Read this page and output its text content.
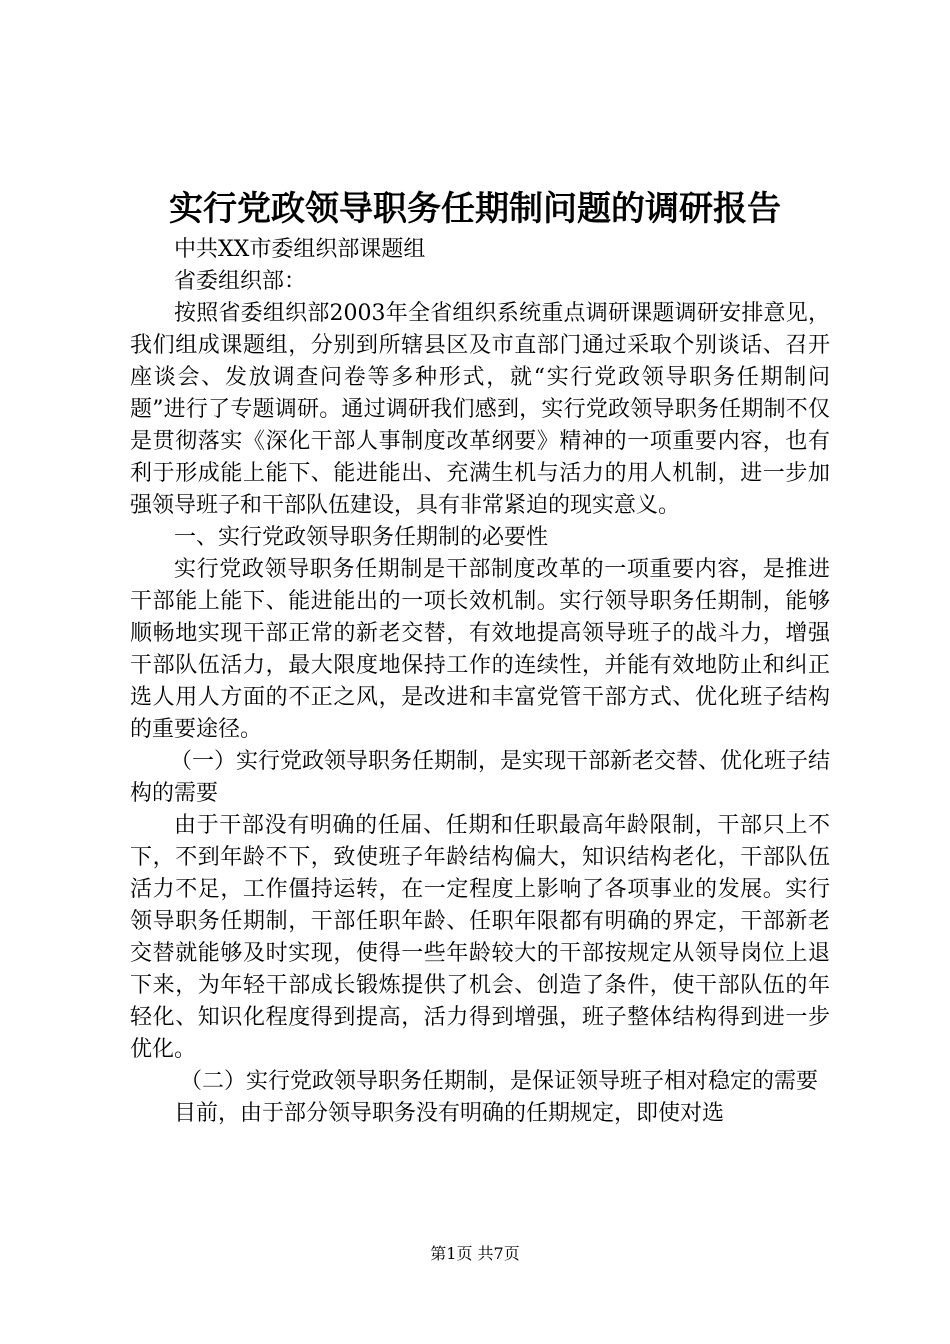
实行党政领导职务任期制问题的调研报告

中共XX市委组织部课题组

省委组织部：

按照省委组织部2003年全省组织系统重点调研课题调研安排意见，我们组成课题组，分别到所辖县区及市直部门通过采取个别谈话、召开座谈会、发放调查问卷等多种形式，就“实行党政领导职务任期制问题”进行了专题调研。通过调研我们感到，实行党政领导职务任期制不仅是贯彻落实《深化干部人事制度改革纲要》精神的一项重要内容，也有利于形成能上能下、能进能出、充满生机与活力的用人机制，进一步加强领导班子和干部队伍建设，具有非常紧迫的现实意义。

一、实行党政领导职务任期制的必要性

实行党政领导职务任期制是干部制度改革的一项重要内容，是推进干部能上能下、能进能出的一项长效机制。实行领导职务任期制，能够顺畅地实现干部正常的新老交替，有效地提高领导班子的战斗力，增强干部队伍活力，最大限度地保持工作的连续性，并能有效地防止和纠正选人用人方面的不正之风，是改进和丰富党管干部方式、优化班子结构的重要途径。

（一）实行党政领导职务任期制，是实现干部新老交替、优化班子结构的需要

由于干部没有明确的任届、任期和任职最高年龄限制，干部只上不下，不到年龄不下，致使班子年龄结构偏大，知识结构老化，干部队伍活力不足，工作僵持运转，在一定程度上影响了各项事业的发展。实行领导职务任期制，干部任职年龄、任职年限都有明确的界定，干部新老交替就能够及时实现，使得一些年龄较大的干部按规定从领导岗位上退下来，为年轻干部成长锻炼提供了机会、创造了条件，使干部队伍的年轻化、知识化程度得到提高，活力得到增强，班子整体结构得到进一步优化。

（二）实行党政领导职务任期制，是保证领导班子相对稳定的需要

目前，由于部分领导职务没有明确的任期规定，即使对选

第1页 共7页
